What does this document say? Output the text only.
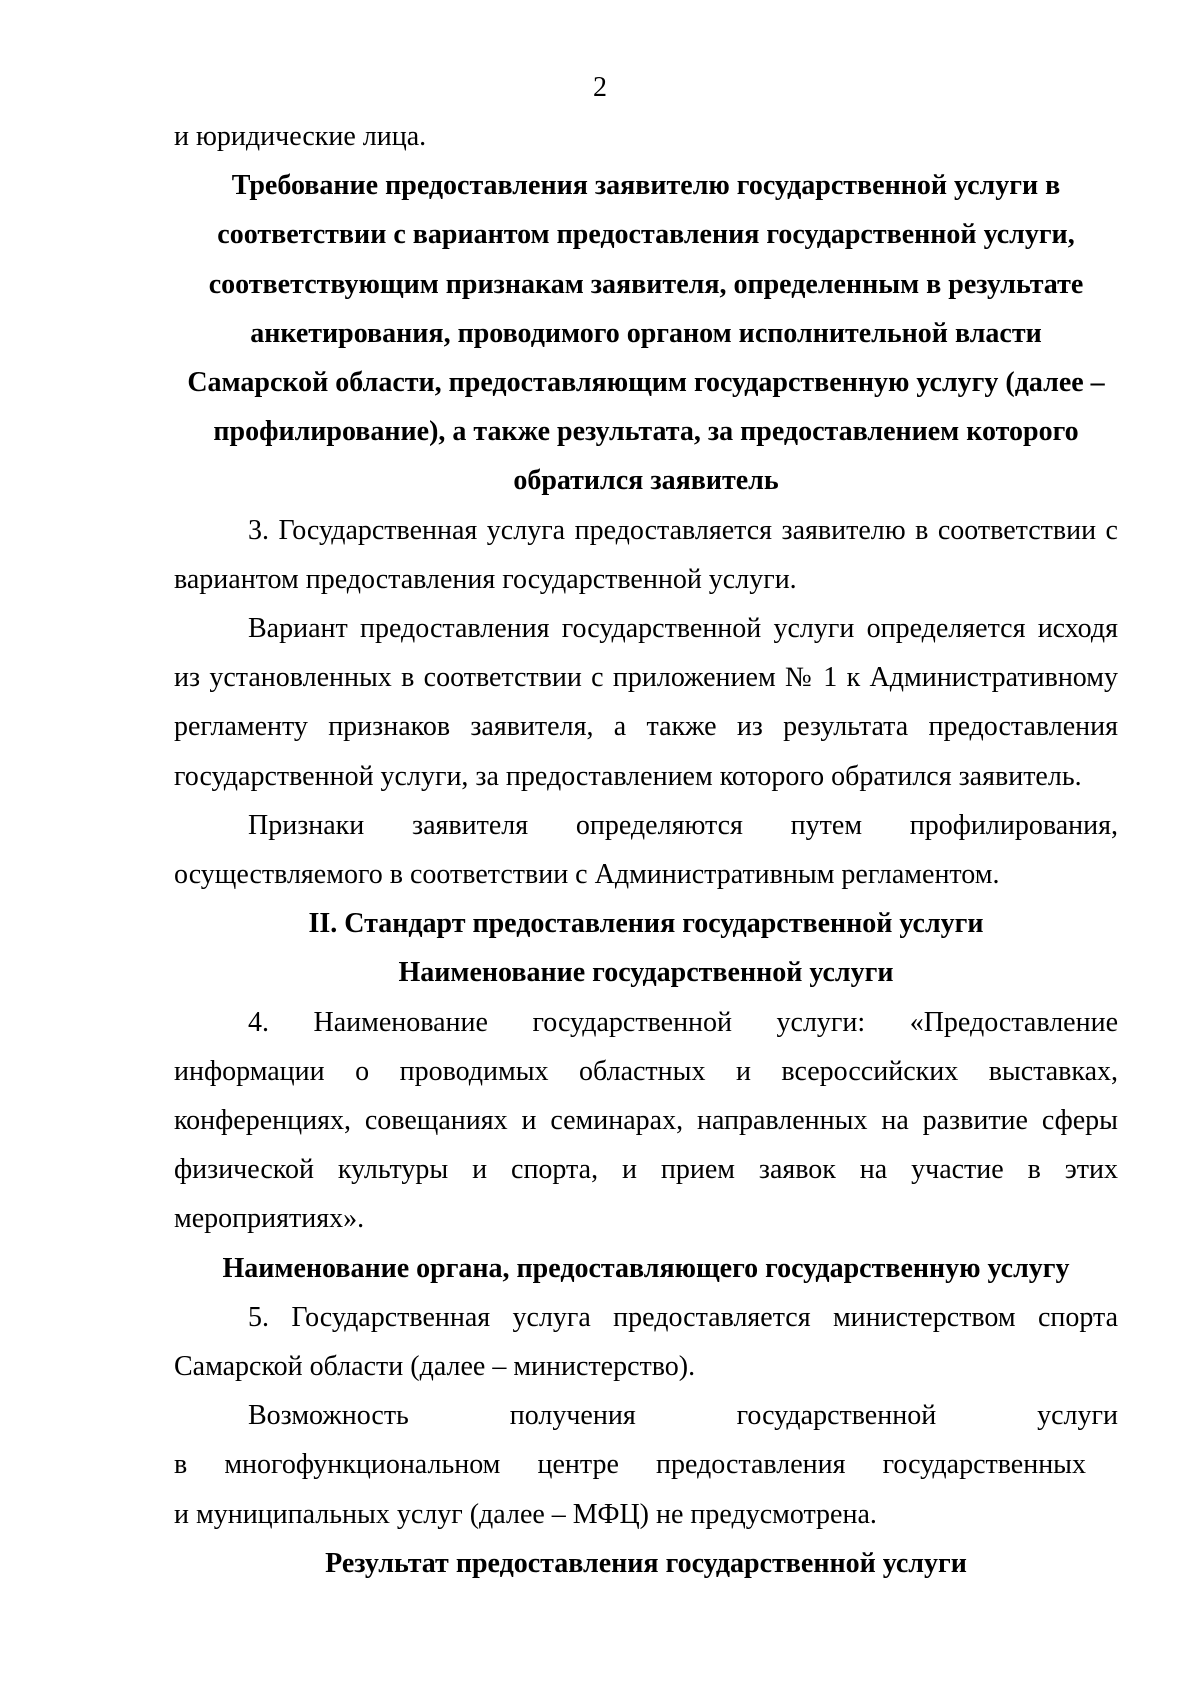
2

и юридические лица.

Требование предоставления заявителю государственной услуги в
соответствии с вариантом предоставления государственной услуги,
соответствующим признакам заявителя, определенным в результате
анкетирования, проводимого органом исполнительной власти
Самарской области, предоставляющим государственную услугу (далее –
профилирование), а также результата, за предоставлением которого
обратился заявитель

3. Государственная услуга предоставляется заявителю в соответствии с вариантом предоставления государственной услуги.

Вариант предоставления государственной услуги определяется исходя из установленных в соответствии с приложением № 1 к Административному регламенту признаков заявителя, а также из результата предоставления государственной услуги, за предоставлением которого обратился заявитель.

Признаки заявителя определяются путем профилирования, осуществляемого в соответствии с Административным регламентом.

II. Стандарт предоставления государственной услуги

Наименование государственной услуги

4. Наименование государственной услуги: «Предоставление информации о проводимых областных и всероссийских выставках, конференциях, совещаниях и семинарах, направленных на развитие сферы физической культуры и спорта, и прием заявок на участие в этих мероприятиях».

Наименование органа, предоставляющего государственную услугу

5. Государственная услуга предоставляется министерством спорта Самарской области (далее – министерство).

Возможность получения государственной услуги

в многофункциональном центре предоставления государственных

и муниципальных услуг (далее – МФЦ) не предусмотрена.

Результат предоставления государственной услуги
